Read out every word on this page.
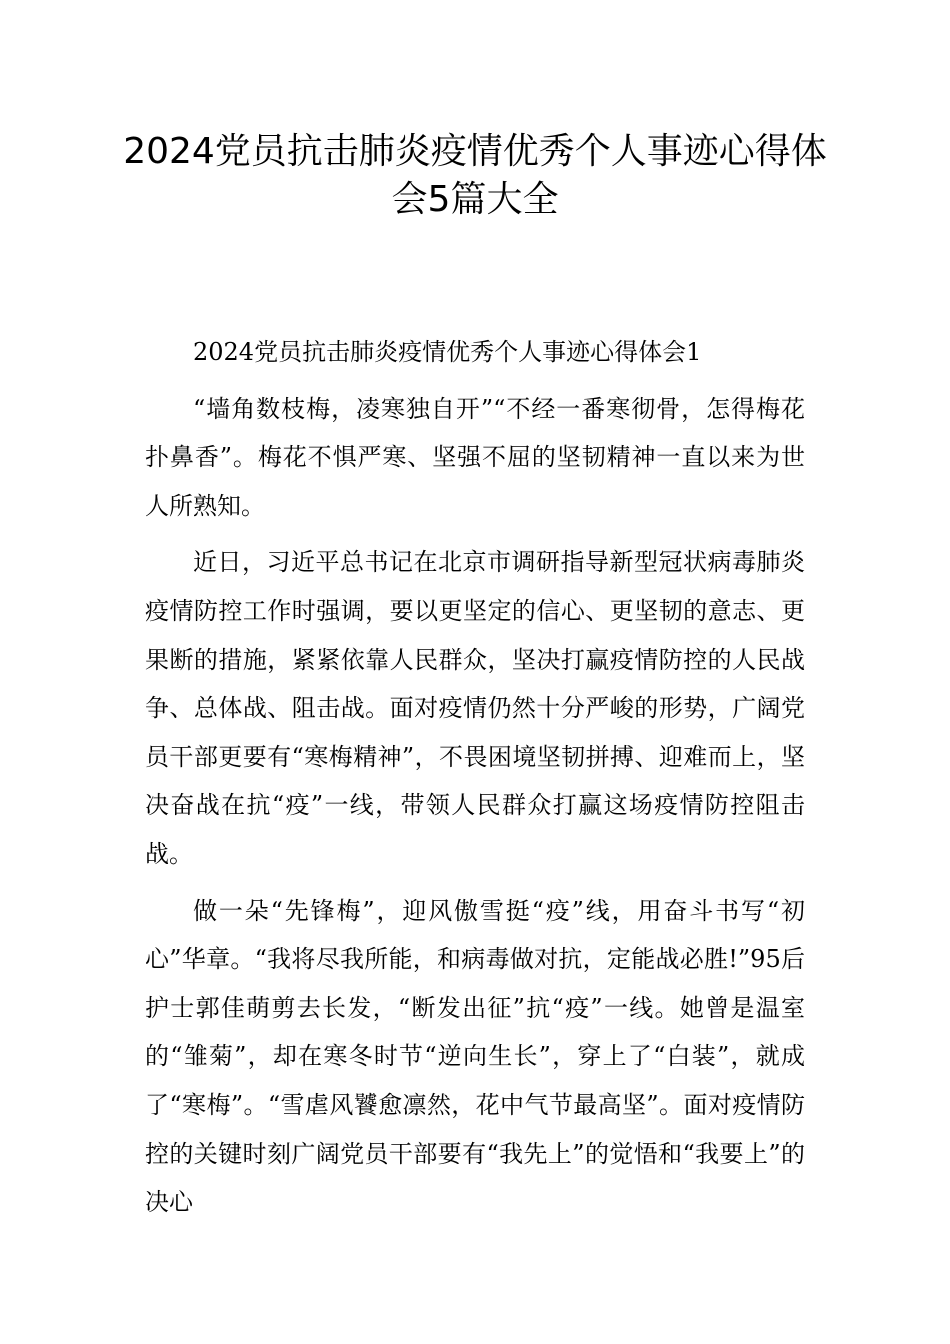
2024党员抗击肺炎疫情优秀个人事迹心得体会5篇大全

2024党员抗击肺炎疫情优秀个人事迹心得体会1

“墙角数枝梅，凌寒独自开”“不经一番寒彻骨，怎得梅花扑鼻香”。梅花不惧严寒、坚强不屈的坚韧精神一直以来为世人所熟知。

近日，习近平总书记在北京市调研指导新型冠状病毒肺炎疫情防控工作时强调，要以更坚定的信心、更坚韧的意志、更果断的措施，紧紧依靠人民群众，坚决打赢疫情防控的人民战争、总体战、阻击战。面对疫情仍然十分严峻的形势，广阔党员干部更要有“寒梅精神”，不畏困境坚韧拼搏、迎难而上，坚决奋战在抗“疫”一线，带领人民群众打赢这场疫情防控阻击战。

做一朵“先锋梅”，迎风傲雪挺“疫”线，用奋斗书写“初心”华章。“我将尽我所能，和病毒做对抗，定能战必胜!”95后护士郭佳萌剪去长发，“断发出征”抗“疫”一线。她曾是温室的“雏菊”，却在寒冬时节“逆向生长”，穿上了“白装”，就成了“寒梅”。“雪虐风饕愈凛然，花中气节最高坚”。面对疫情防控的关键时刻广阔党员干部要有“我先上”的觉悟和“我要上”的决心
